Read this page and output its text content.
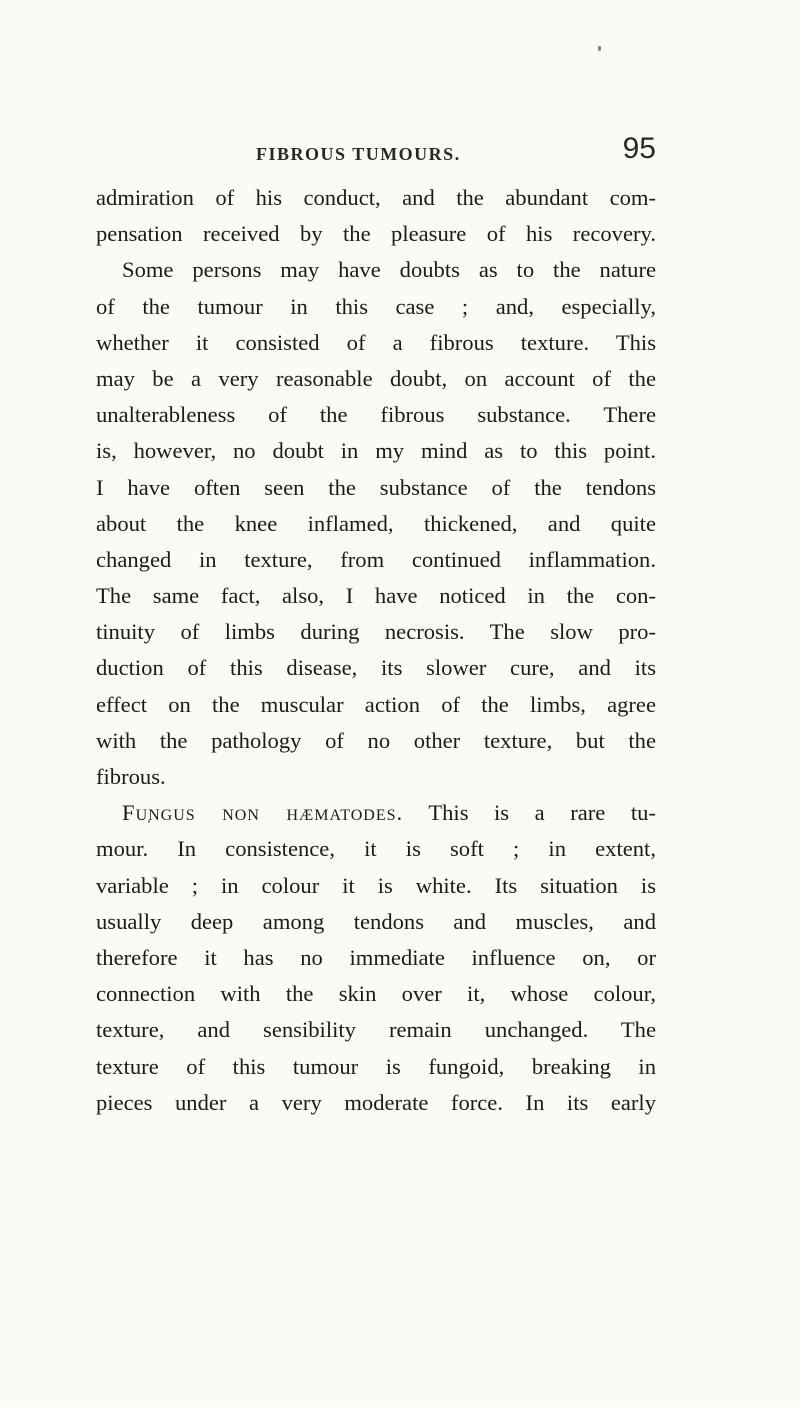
FIBROUS TUMOURS.	95
admiration of his conduct, and the abundant com-
pensation received by the pleasure of his recovery.
Some persons may have doubts as to the nature
of the tumour in this case ; and, especially,
whether it consisted of a fibrous texture. This
may be a very reasonable doubt, on account of the
unalterableness of the fibrous substance. There
is, however, no doubt in my mind as to this point.
I have often seen the substance of the tendons
about the knee inflamed, thickened, and quite
changed in texture, from continued inflammation.
The same fact, also, I have noticed in the con-
tinuity of limbs during necrosis. The slow pro-
duction of this disease, its slower cure, and its
effect on the muscular action of the limbs, agree
with the pathology of no other texture, but the
fibrous.
Fungus non hæmatodes. This is a rare tu-
mour. In consistence, it is soft ; in extent,
variable ; in colour it is white. Its situation is
usually deep among tendons and muscles, and
therefore it has no immediate influence on, or
connection with the skin over it, whose colour,
texture, and sensibility remain unchanged. The
texture of this tumour is fungoid, breaking in
pieces under a very moderate force. In its early
